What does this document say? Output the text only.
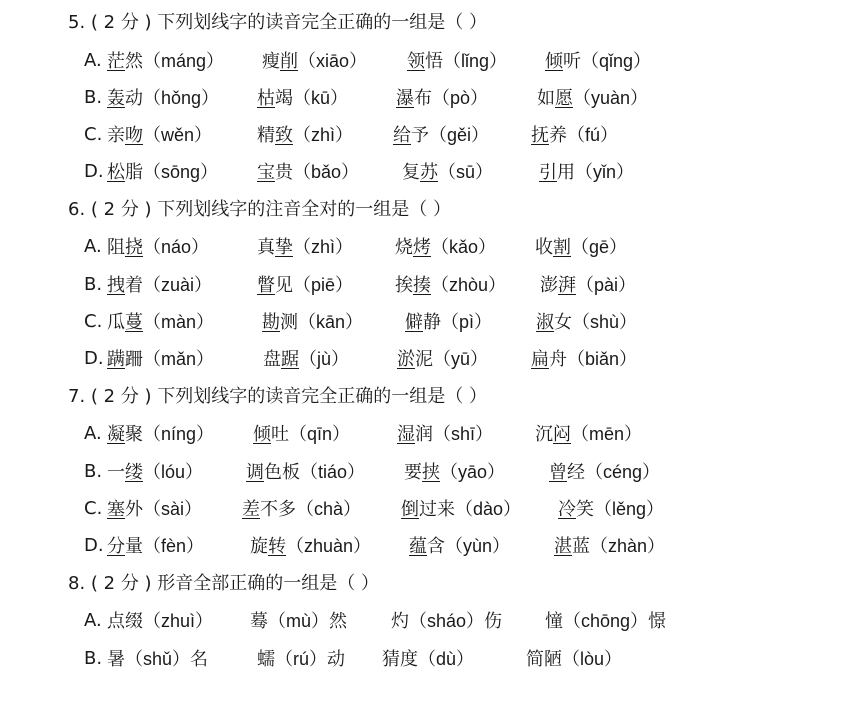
5. ( 2 分 ) 下列划线字的读音完全正确的一组是（ ）
A. 茫然（máng） 瘦削（xiāo） 领悟（lǐng） 倾听（qǐng）
B. 轰动（hǒng） 枯竭（kū）	瀑布（pò）	如愿（yuàn）
C. 亲吻（wěn） 精致（zhì） 给予（gěi） 抚养（fú）
D. 松脂（sōng） 宝贵（bǎo） 复苏（sū）	引用（yǐn）
6. ( 2 分 ) 下列划线字的注音全对的一组是（ ）
A. 阻挠（náo）	真挚（zhì） 烧烤（kǎo） 收割（gē）
B. 拽着（zuài） 瞥见（piē） 挨揍（zhòu） 澎湃（pài）
C. 瓜蔓（màn）	勘测（kān） 僻静（pì） 淑女（shù）
D. 蹒跚（mǎn）	盘踞（jù）	淤泥（yū） 扁舟（biǎn）
7. ( 2 分 ) 下列划线字的读音完全正确的一组是（ ）
A. 凝聚（níng） 倾吐（qīn）	湿润（shī） 沉闷（mēn）
B. 一缕（lóu） 调色板（tiáo） 要挟（yāo） 曾经（céng）
C. 塞外（sài） 差不多（chà） 倒过来（dào） 冷笑（lěng）
D. 分量（fèn）	旋转（zhuàn） 蕴含（yùn） 湛蓝（zhàn）
8. ( 2 分 ) 形音全部正确的一组是（ ）
A. 点缀（zhuì） 蓦（mù）然 灼（sháo）伤 憧（chōng）憬
B. 暑（shǔ）名	蠕（rú）动 猜度（dù）	简陋（lòu）
